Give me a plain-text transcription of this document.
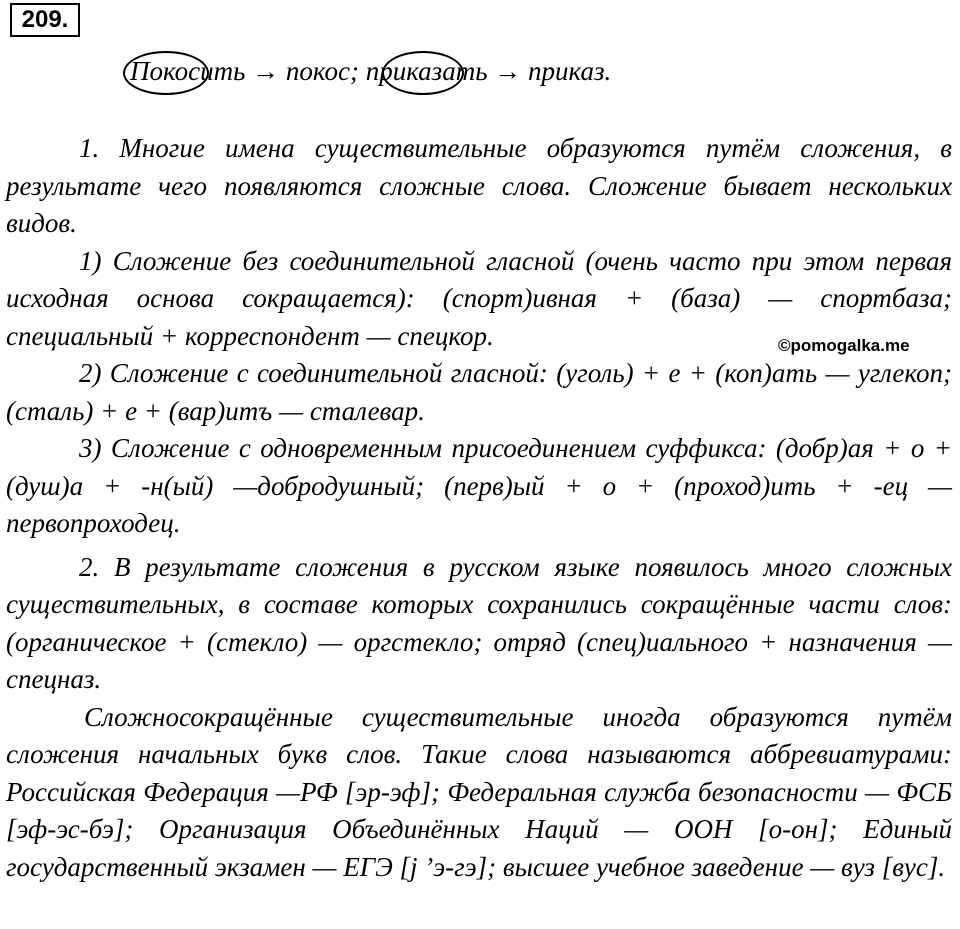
209.
Покосить → покос; приказать → приказ.

1. Многие имена существительные образуются путём сложения, в результате чего появляются сложные слова. Сложение бывает нескольких видов.

1) Сложение без соединительной гласной (очень часто при этом первая исходная основа сокращается): (спорт)ивная + (база) — спортбаза; специальный + корреспондент — спецкор.

2) Сложение с соединительной гласной: (уголь) + е + (коп)ать — углекоп; (сталь) + е + (вар)итъ — сталевар.

3) Сложение с одновременным присоединением суффикса: (добр)ая + о + (душ)а + -н(ый) —добродушный; (перв)ый + о + (проход)ить + -ец — первопроходец.

2. В результате сложения в русском языке появилось много сложных существительных, в составе которых сохранились сокращённые части слов: (органическое + (стекло) — оргстекло; отряд (спец)иального + назначения —спецназ.

Сложносокращённые существительные иногда образуются путём сложения начальных букв слов. Такие слова называются аббревиатурами: Российская Федерация —РФ [эр-эф]; Федеральная служба безопасности — ФСБ [эф-эс-бэ]; Организация Объединённых Наций — ООН [о-он]; Единый государственный экзамен — ЕГЭ [j ’э-гэ]; высшее учебное заведение — вуз [вус].

©pomogalka.me
